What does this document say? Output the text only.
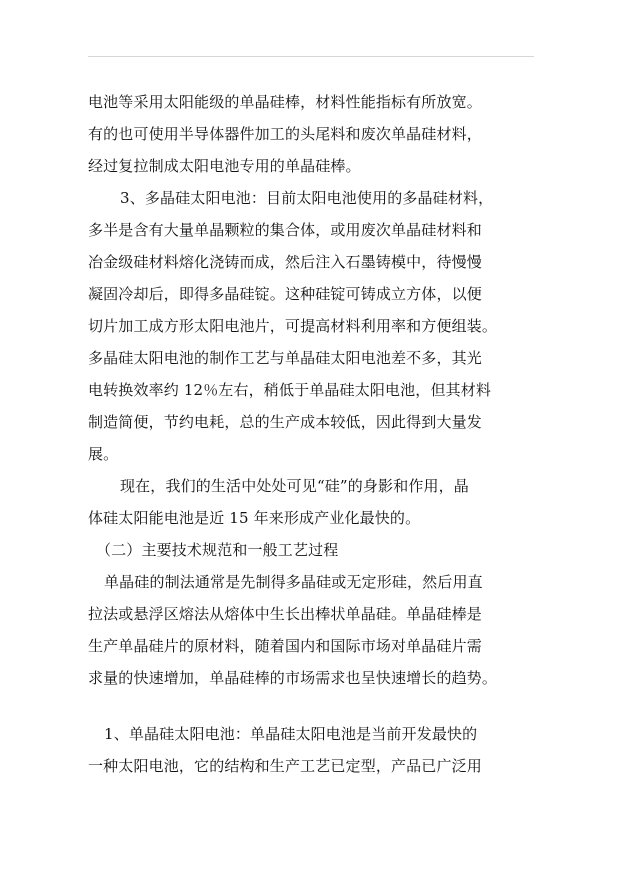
电池等采用太阳能级的单晶硅棒，材料性能指标有所放宽。
有的也可使用半导体器件加工的头尾料和废次单晶硅材料，
经过复拉制成太阳电池专用的单晶硅棒。
3、多晶硅太阳电池：目前太阳电池使用的多晶硅材料，
多半是含有大量单晶颗粒的集合体，或用废次单晶硅材料和
冶金级硅材料熔化浇铸而成，然后注入石墨铸模中，待慢慢
凝固冷却后，即得多晶硅锭。这种硅锭可铸成立方体，以便
切片加工成方形太阳电池片，可提高材料利用率和方便组装。
多晶硅太阳电池的制作工艺与单晶硅太阳电池差不多，其光
电转换效率约 12％左右，稍低于单晶硅太阳电池，但其材料
制造简便，节约电耗，总的生产成本较低，因此得到大量发
展。
现在，我们的生活中处处可见“硅”的身影和作用，晶
体硅太阳能电池是近 15 年来形成产业化最快的。
（二）主要技术规范和一般工艺过程
单晶硅的制法通常是先制得多晶硅或无定形硅，然后用直
拉法或悬浮区熔法从熔体中生长出棒状单晶硅。单晶硅棒是
生产单晶硅片的原材料，随着国内和国际市场对单晶硅片需
求量的快速增加，单晶硅棒的市场需求也呈快速增长的趋势。
1、单晶硅太阳电池：单晶硅太阳电池是当前开发最快的
一种太阳电池，它的结构和生产工艺已定型，产品已广泛用
